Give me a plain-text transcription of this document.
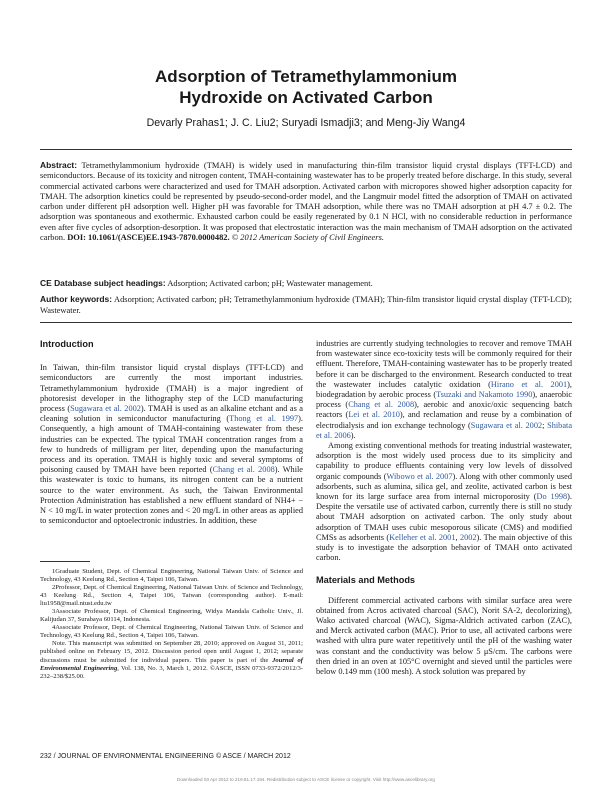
Adsorption of Tetramethylammonium
Hydroxide on Activated Carbon
Devarly Prahas1; J. C. Liu2; Suryadi Ismadji3; and Meng-Jiy Wang4
Abstract: Tetramethylammonium hydroxide (TMAH) is widely used in manufacturing thin-film transistor liquid crystal displays (TFT-LCD) and semiconductors. Because of its toxicity and nitrogen content, TMAH-containing wastewater has to be properly treated before discharge. In this study, several commercial activated carbons were characterized and used for TMAH adsorption. Activated carbon with micropores showed higher adsorption capacity for TMAH. The adsorption kinetics could be represented by pseudo-second-order model, and the Langmuir model fitted the adsorption of TMAH on activated carbon under different pH adsorption well. Higher pH was favorable for TMAH adsorption, while there was no TMAH adsorption at pH 4.7 ± 0.2. The adsorption was spontaneous and exothermic. Exhausted carbon could be easily regenerated by 0.1 N HCl, with no considerable reduction in performance even after five cycles of adsorption-desorption. It was proposed that electrostatic interaction was the main mechanism of TMAH adsorption on the activated carbon. DOI: 10.1061/(ASCE)EE.1943-7870.0000482. © 2012 American Society of Civil Engineers.
CE Database subject headings: Adsorption; Activated carbon; pH; Wastewater management.
Author keywords: Adsorption; Activated carbon; pH; Tetramethylammonium hydroxide (TMAH); Thin-film transistor liquid crystal display (TFT-LCD); Wastewater.
Introduction

In Taiwan, thin-film transistor liquid crystal displays (TFT-LCD) and semiconductors are currently the most important industries. Tetramethylammonium hydroxide (TMAH) is a major ingredient of photoresist developer in the lithography step of the LCD manufacturing process (Sugawara et al. 2002). TMAH is used as an alkaline etchant and as a cleaning solution in semiconductor manufacturing (Thong et al. 1997). Consequently, a high amount of TMAH-containing wastewater from these industries can be expected. The typical TMAH concentration ranges from a few to hundreds of milligram per liter, depending upon the manufacturing process and its operation. TMAH is highly toxic and several symptoms of poisoning caused by TMAH have been reported (Chang et al. 2008). While this wastewater is toxic to humans, its nitrogen content can be a nutrient source to the water environment. As such, the Taiwan Environmental Protection Administration has established a new effluent standard of NH4+ − N < 10 mg/L in water protection zones and < 20 mg/L in other areas as applied to semiconductor and optoelectronic industries. In addition, these

1Graduate Student, Dept. of Chemical Engineering, National Taiwan Univ. of Science and Technology, 43 Keelung Rd., Section 4, Taipei 106, Taiwan.

2Professor, Dept. of Chemical Engineering, National Taiwan Univ. of Science and Technology, 43 Keelung Rd., Section 4, Taipei 106, Taiwan (corresponding author). E-mail: liu1958@mail.ntust.edu.tw

3Associate Professor, Dept. of Chemical Engineering, Widya Mandala Catholic Univ., Jl. Kalijudan 37, Surabaya 60114, Indonesia.

4Associate Professor, Dept. of Chemical Engineering, National Taiwan Univ. of Science and Technology, 43 Keelung Rd., Section 4, Taipei 106, Taiwan.

Note. This manuscript was submitted on September 28, 2010; approved on August 31, 2011; published online on February 15, 2012. Discussion period open until August 1, 2012; separate discussions must be submitted for individual papers. This paper is part of the Journal of Environmental Engineering, Vol. 138, No. 3, March 1, 2012. ©ASCE, ISSN 0733-9372/2012/3-232–238/$25.00.

industries are currently studying technologies to recover and remove TMAH from wastewater since eco-toxicity tests will be commonly required for their effluent. Therefore, TMAH-containing wastewater has to be properly treated before it can be discharged to the environment. Research conducted to treat the wastewater includes catalytic oxidation (Hirano et al. 2001), biodegradation by aerobic process (Tsuzaki and Nakamoto 1990), anaerobic process (Chang et al. 2008), aerobic and anoxic/oxic sequencing batch reactors (Lei et al. 2010), and reclamation and reuse by a combination of electrodialysis and ion exchange technology (Sugawara et al. 2002; Shibata et al. 2006).

Among existing conventional methods for treating industrial wastewater, adsorption is the most widely used process due to its simplicity and capability to produce effluents containing very low levels of dissolved organic compounds (Wibowo et al. 2007). Along with other commonly used adsorbents, such as alumina, silica gel, and zeolite, activated carbon is best known for its large surface area from internal microporosity (Do 1998). Despite the versatile use of activated carbon, currently there is still no study about TMAH adsorption on activated carbon. The only study about adsorption of TMAH uses cubic mesoporous silicate (CMS) and modified CMSs as adsorbents (Kelleher et al. 2001, 2002). The main objective of this study is to investigate the adsorption behavior of TMAH onto activated carbon.

Materials and Methods

Different commercial activated carbons with similar surface area were obtained from Acros activated charcoal (SAC), Norit SA-2, decolorizing), Wako activated charcoal (WAC), Sigma-Aldrich activated carbon (ZAC), and Merck activated carbon (MAC). Prior to use, all activated carbons were washed with ultra pure water repetitively until the pH of the washing water was constant and the conductivity was below 5 μS/cm. The carbons were then dried in an oven at 105°C overnight and sieved until the particles were below 0.149 mm (100 mesh). A stock solution was prepared by

232 / JOURNAL OF ENVIRONMENTAL ENGINEERING © ASCE / MARCH 2012
Downloaded 03 Apr 2012 to 219.81.17.194. Redistribution subject to ASCE license or copyright. Visit http://www.ascelibrary.org
